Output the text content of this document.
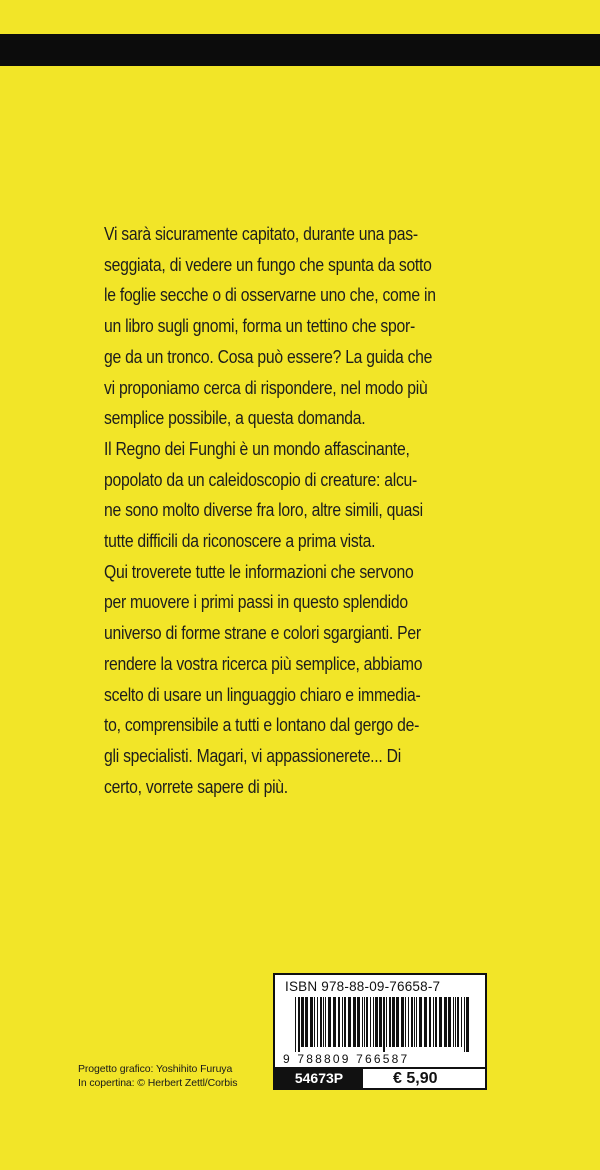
Vi sarà sicuramente capitato, durante una pas-
seggiata, di vedere un fungo che spunta da sotto
le foglie secche o di osservarne uno che, come in
un libro sugli gnomi, forma un tettino che spor-
ge da un tronco. Cosa può essere? La guida che
vi proponiamo cerca di rispondere, nel modo più
semplice possibile, a questa domanda.
Il Regno dei Funghi è un mondo affascinante,
popolato da un caleidoscopio di creature: alcu-
ne sono molto diverse fra loro, altre simili, quasi
tutte difficili da riconoscere a prima vista.
Qui troverete tutte le informazioni che servono
per muovere i primi passi in questo splendido
universo di forme strane e colori sgargianti. Per
rendere la vostra ricerca più semplice, abbiamo
scelto di usare un linguaggio chiaro e immedia-
to, comprensibile a tutti e lontano dal gergo de-
gli specialisti. Magari, vi appassionerete... Di
certo, vorrete sapere di più.
ISBN 978-88-09-76658-7
9 788809 766587
54673P	€ 5,90
Progetto grafico: Yoshihito Furuya
In copertina: © Herbert Zettl/Corbis
